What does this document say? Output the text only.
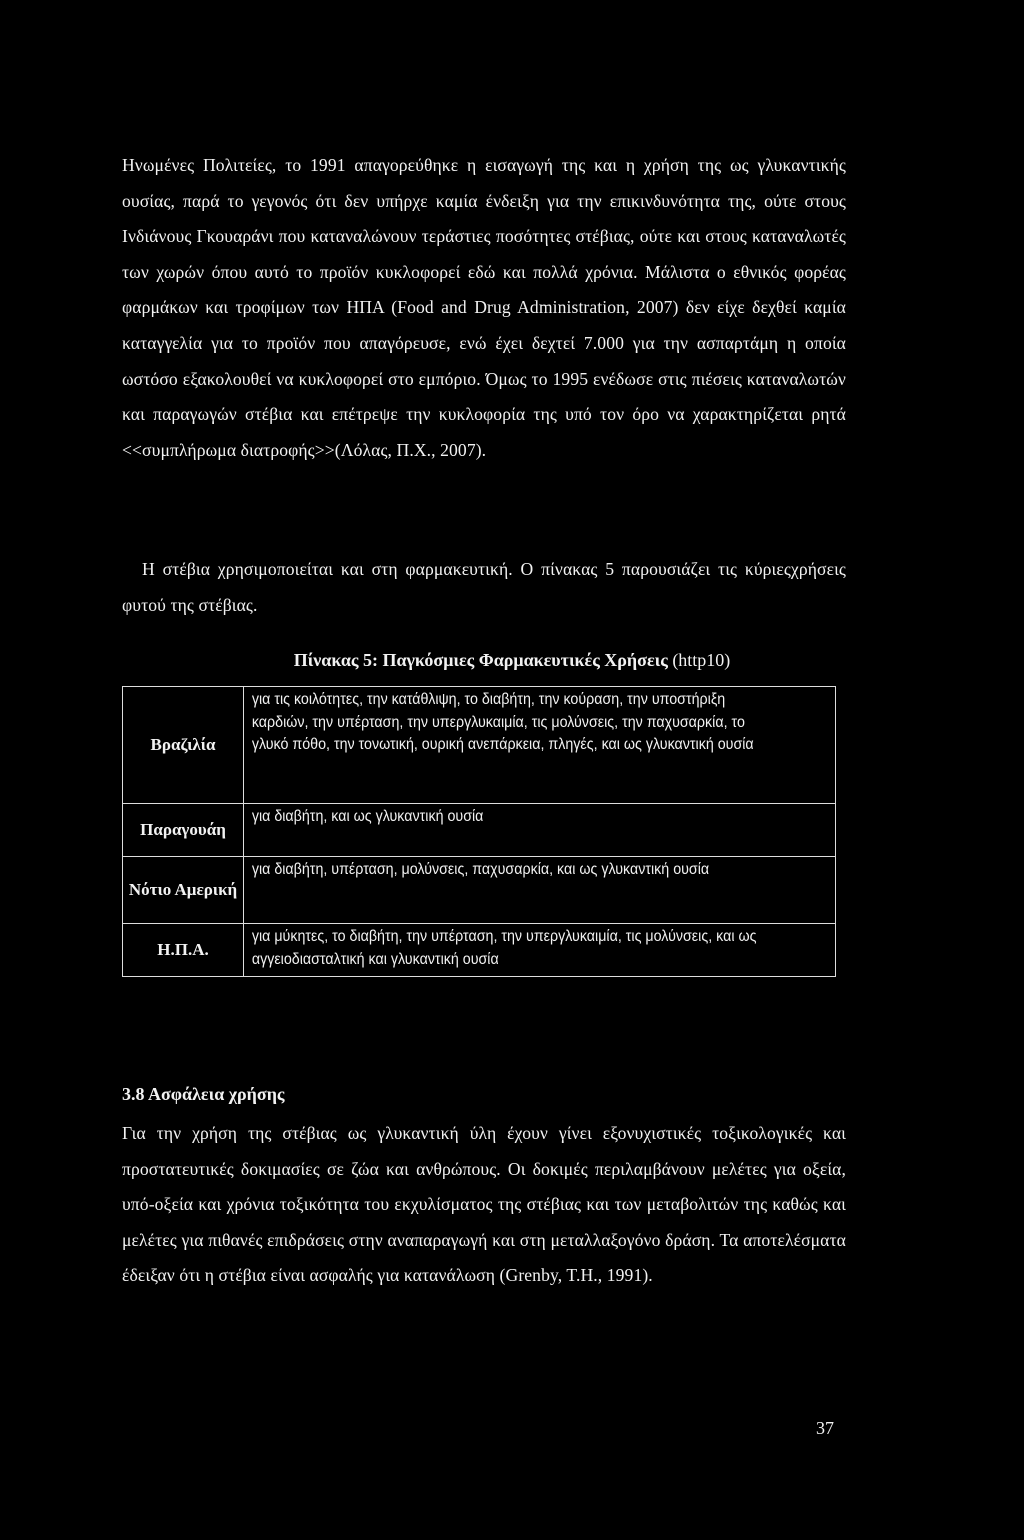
Ηνωμένες Πολιτείες, το 1991 απαγορεύθηκε η εισαγωγή της και η χρήση της ως γλυκαντικής ουσίας, παρά το γεγονός ότι δεν υπήρχε καμία ένδειξη για την επικινδυνότητα της, ούτε στους Ινδιάνους Γκουαράνι που καταναλώνουν τεράστιες ποσότητες στέβιας, ούτε και στους καταναλωτές των χωρών όπου αυτό το προϊόν κυκλοφορεί εδώ και πολλά χρόνια. Μάλιστα ο εθνικός φορέας φαρμάκων και τροφίμων των ΗΠΑ (Food and Drug Administration, 2007) δεν είχε δεχθεί καμία καταγγελία για το προϊόν που απαγόρευσε, ενώ έχει δεχτεί 7.000 για την ασπαρτάμη η οποία ωστόσο εξακολουθεί να κυκλοφορεί στο εμπόριο. Όμως το 1995 ενέδωσε στις πιέσεις καταναλωτών και παραγωγών στέβια και επέτρεψε την κυκλοφορία της υπό τον όρο να χαρακτηρίζεται ρητά <<συμπλήρωμα διατροφής>>(Λόλας, Π.Χ., 2007).

Η στέβια χρησιμοποιείται και στη φαρμακευτική. Ο πίνακας 5 παρουσιάζει τις κύριεςχρήσεις φυτού της στέβιας.

Πίνακας 5: Παγκόσμιες Φαρμακευτικές Χρήσεις (http10)
Βραζιλία	για τις κοιλότητες, την κατάθλιψη, το διαβήτη, την κούραση, την υποστήριξη καρδιών, την υπέρταση, την υπεργλυκαιμία, τις μολύνσεις, την παχυσαρκία, το γλυκό πόθο, την τονωτική, ουρική ανεπάρκεια, πληγές, και ως γλυκαντική ουσία
Παραγουάη	για διαβήτη, και ως γλυκαντική ουσία
Νότιο Αμερική	για διαβήτη, υπέρταση, μολύνσεις, παχυσαρκία, και ως γλυκαντική ουσία
Η.Π.Α.	για μύκητες, το διαβήτη, την υπέρταση, την υπεργλυκαιμία, τις μολύνσεις, και ως αγγειοδιασταλτική και γλυκαντική ουσία
3.8 Ασφάλεια χρήσης

Για την χρήση της στέβιας ως γλυκαντική ύλη έχουν γίνει εξονυχιστικές τοξικολογικές και προστατευτικές δοκιμασίες σε ζώα και ανθρώπους. Οι δοκιμές περιλαμβάνουν μελέτες για οξεία, υπό-οξεία και χρόνια τοξικότητα του εκχυλίσματος της στέβιας και των μεταβολιτών της καθώς και μελέτες για πιθανές επιδράσεις στην αναπαραγωγή και στη μεταλλαξογόνο δράση. Τα αποτελέσματα έδειξαν ότι η στέβια είναι ασφαλής για κατανάλωση (Grenby, T.H., 1991).

37
